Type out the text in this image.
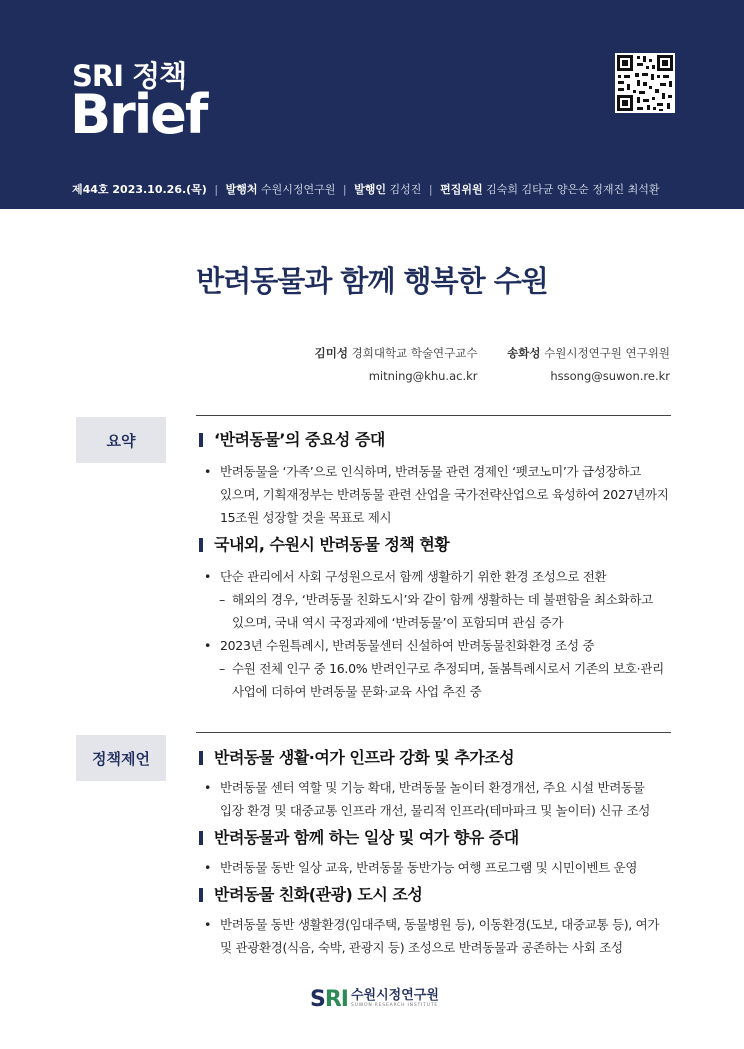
SRI 정책
Brief
제44호 2023.10.26.(목) | 발행처 수원시정연구원 | 발행인 김성진 | 편집위원 김숙희 김타균 양은순 정재진 최석환
반려동물과 함께 행복한 수원
김미성 경희대학교 학술연구교수
mitning@khu.ac.kr

송화성 수원시정연구원 연구위원
hssong@suwon.re.kr
요약	‘반려동물’의 중요성 증대
• 반려동물을 ‘가족’으로 인식하며, 반려동물 관련 경제인 ‘펫코노미’가 급성장하고
있으며, 기획재정부는 반려동물 관련 산업을 국가전략산업으로 육성하여 2027년까지
15조원 성장할 것을 목표로 제시
국내외, 수원시 반려동물 정책 현황
• 단순 관리에서 사회 구성원으로서 함께 생활하기 위한 환경 조성으로 전환
– 해외의 경우, ‘반려동물 친화도시’와 같이 함께 생활하는 데 불편함을 최소화하고
있으며, 국내 역시 국정과제에 ‘반려동물’이 포함되며 관심 증가
• 2023년 수원특례시, 반려동물센터 신설하여 반려동물친화환경 조성 중
– 수원 전체 인구 중 16.0% 반려인구로 추정되며, 돌봄특례시로서 기존의 보호·관리
사업에 더하여 반려동물 문화·교육 사업 추진 중
정책제언	반려동물 생활·여가 인프라 강화 및 추가조성
• 반려동물 센터 역할 및 기능 확대, 반려동물 놀이터 환경개선, 주요 시설 반려동물
입장 환경 및 대중교통 인프라 개선, 물리적 인프라(테마파크 및 놀이터) 신규 조성
반려동물과 함께 하는 일상 및 여가 향유 증대
• 반려동물 동반 일상 교육, 반려동물 동반가능 여행 프로그램 및 시민이벤트 운영
반려동물 친화(관광) 도시 조성
• 반려동물 동반 생활환경(임대주택, 동물병원 등), 이동환경(도보, 대중교통 등), 여가
및 관광환경(식음, 숙박, 관광지 등) 조성으로 반려동물과 공존하는 사회 조성
SRI 수원시정연구원
SUWON RESEARCH INSTITUTE
